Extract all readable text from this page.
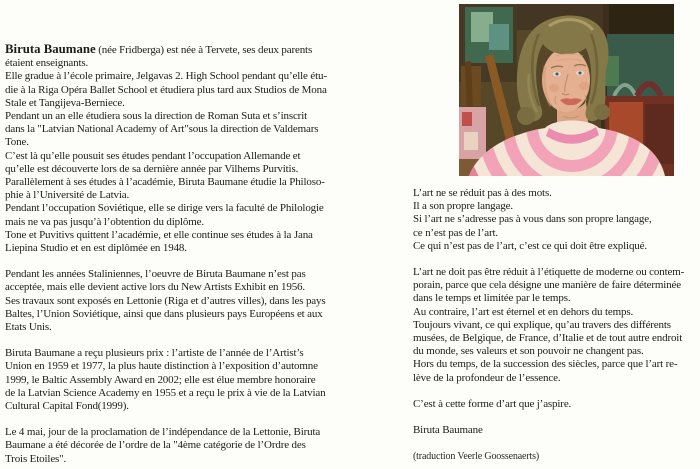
Biruta Baumane (née Fridberga) est née à Tervete, ses deux parents
étaient enseignants.
Elle gradue à l’école primaire, Jelgavas 2. High School pendant qu’elle étu-
die à la Riga Opéra Ballet School et étudiera plus tard aux Studios de Mona
Stale et Tangijeva-Berniece.
Pendant un an elle étudiera sous la direction de Roman Suta et s’inscrit
dans la "Latvian National Academy of Art"sous la direction de Valdemars
Tone.
C’est là qu’elle pousuit ses études pendant l’occupation Allemande et
qu’elle est découverte lors de sa dernière année par Vilhems Purvitis.
Parallèlement à ses études à l’académie, Biruta Baumane étudie la Philoso-
phie à l’Université de Latvia.
Pendant l’occupation Soviétique, elle se dirige vers la faculté de Philologie
mais ne va pas jusqu’à l’obtention du diplôme.
Tone et Puvitivs quittent l’académie, et elle continue ses études à la Jana
Liepina Studio et en est diplômée en 1948.
Pendant les années Staliniennes, l’oeuvre de Biruta Baumane n’est pas
acceptée, mais elle devient active lors du New Artists Exhibit en 1956.
Ses travaux sont exposés en Lettonie (Riga et d’autres villes), dans les pays
Baltes, l’Union Soviétique, ainsi que dans plusieurs pays Européens et aux
Etats Unis.
Biruta Baumane a reçu plusieurs prix : l’artiste de l’année de l’Artist’s
Union en 1959 et 1977, la plus haute distinction à l’exposition d’automne
1999, le Baltic Assembly Award en 2002; elle est élue membre honoraire
de la Latvian Science Academy en 1955 et a reçu le prix à vie de la Latvian
Cultural Capital Fond(1999).
Le 4 mai, jour de la proclamation de l’indépendance de la Lettonie, Biruta
Baumane a été décorée de l’ordre de la "4ème catégorie de l’Ordre des
Trois Etoiles".
L’art ne se réduit pas à des mots.
Il a son propre langage.
Si l’art ne s’adresse pas à vous dans son propre langage,
ce n’est pas de l’art.
Ce qui n’est pas de l’art, c’est ce qui doit être expliqué.
L’art ne doit pas être réduit à l’étiquette de moderne ou contem-
porain, parce que cela désigne une manière de faire déterminée
dans le temps et limitée par le temps.
Au contraire, l’art est éternel et en dehors du temps.
Toujours vivant, ce qui explique, qu’au travers des différents
musées, de Belgique, de France, d’Italie et de tout autre endroit
du monde, ses valeurs et son pouvoir ne changent pas.
Hors du temps, de la succession des siècles, parce que l’art re-
lève de la profondeur de l’essence.
C’est à cette forme d’art que j’aspire.
Biruta Baumane
(traduction Veerle Goossenaerts)
